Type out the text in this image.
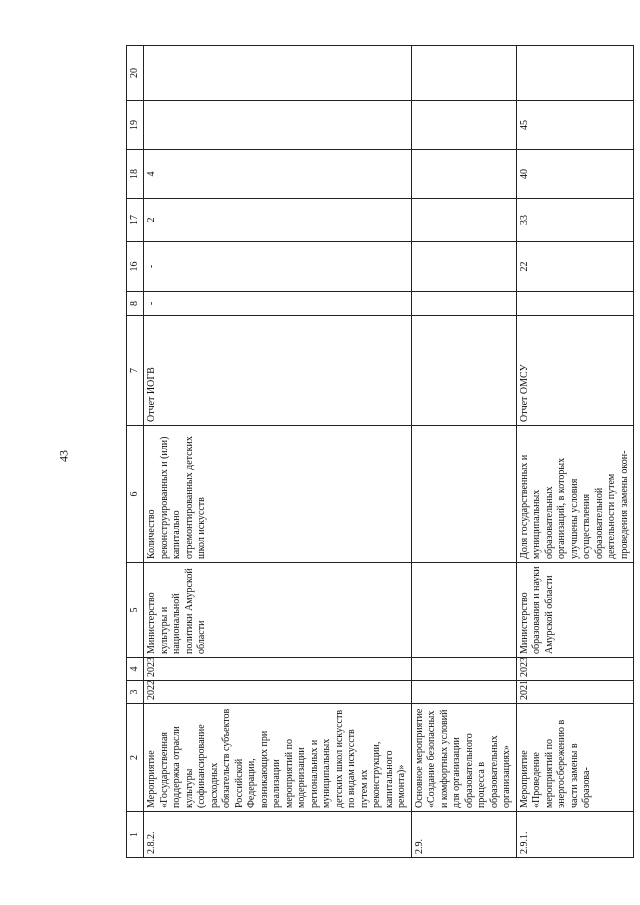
43
1	2	3	4	5	6	7	8	16	17	18	19	20
2.8.2.	Мероприятие «Государственная поддержка отрасли культуры (софинансирование расходных обязательств субъектов Российской Федерации, возникающих при реализации мероприятий по модернизации региональных и муниципальных детских школ искусств по видам искусств путем их реконструкции, капитального ремонта)»	2022	2023	Министерство культуры и национальной политики Амурской области	Количество реконструированных и (или) капитально отремонтированных детских школ искусств	Отчет ИОГВ	-	-	2	4		
2.9.	Основное мероприятие «Создание безопасных и комфортных условий для организации образовательного процесса в образовательных организациях»											
2.9.1.	Мероприятие «Проведение мероприятий по энергосбережению в части замены в образова-	2021	2023	Министерство образования и науки Амурской области	Доля государственных и муниципальных образовательных организаций, в которых улучшены условия осуществления образовательной деятельности путем проведения замены окон-	Отчет ОМСУ		22	33	40	45	
